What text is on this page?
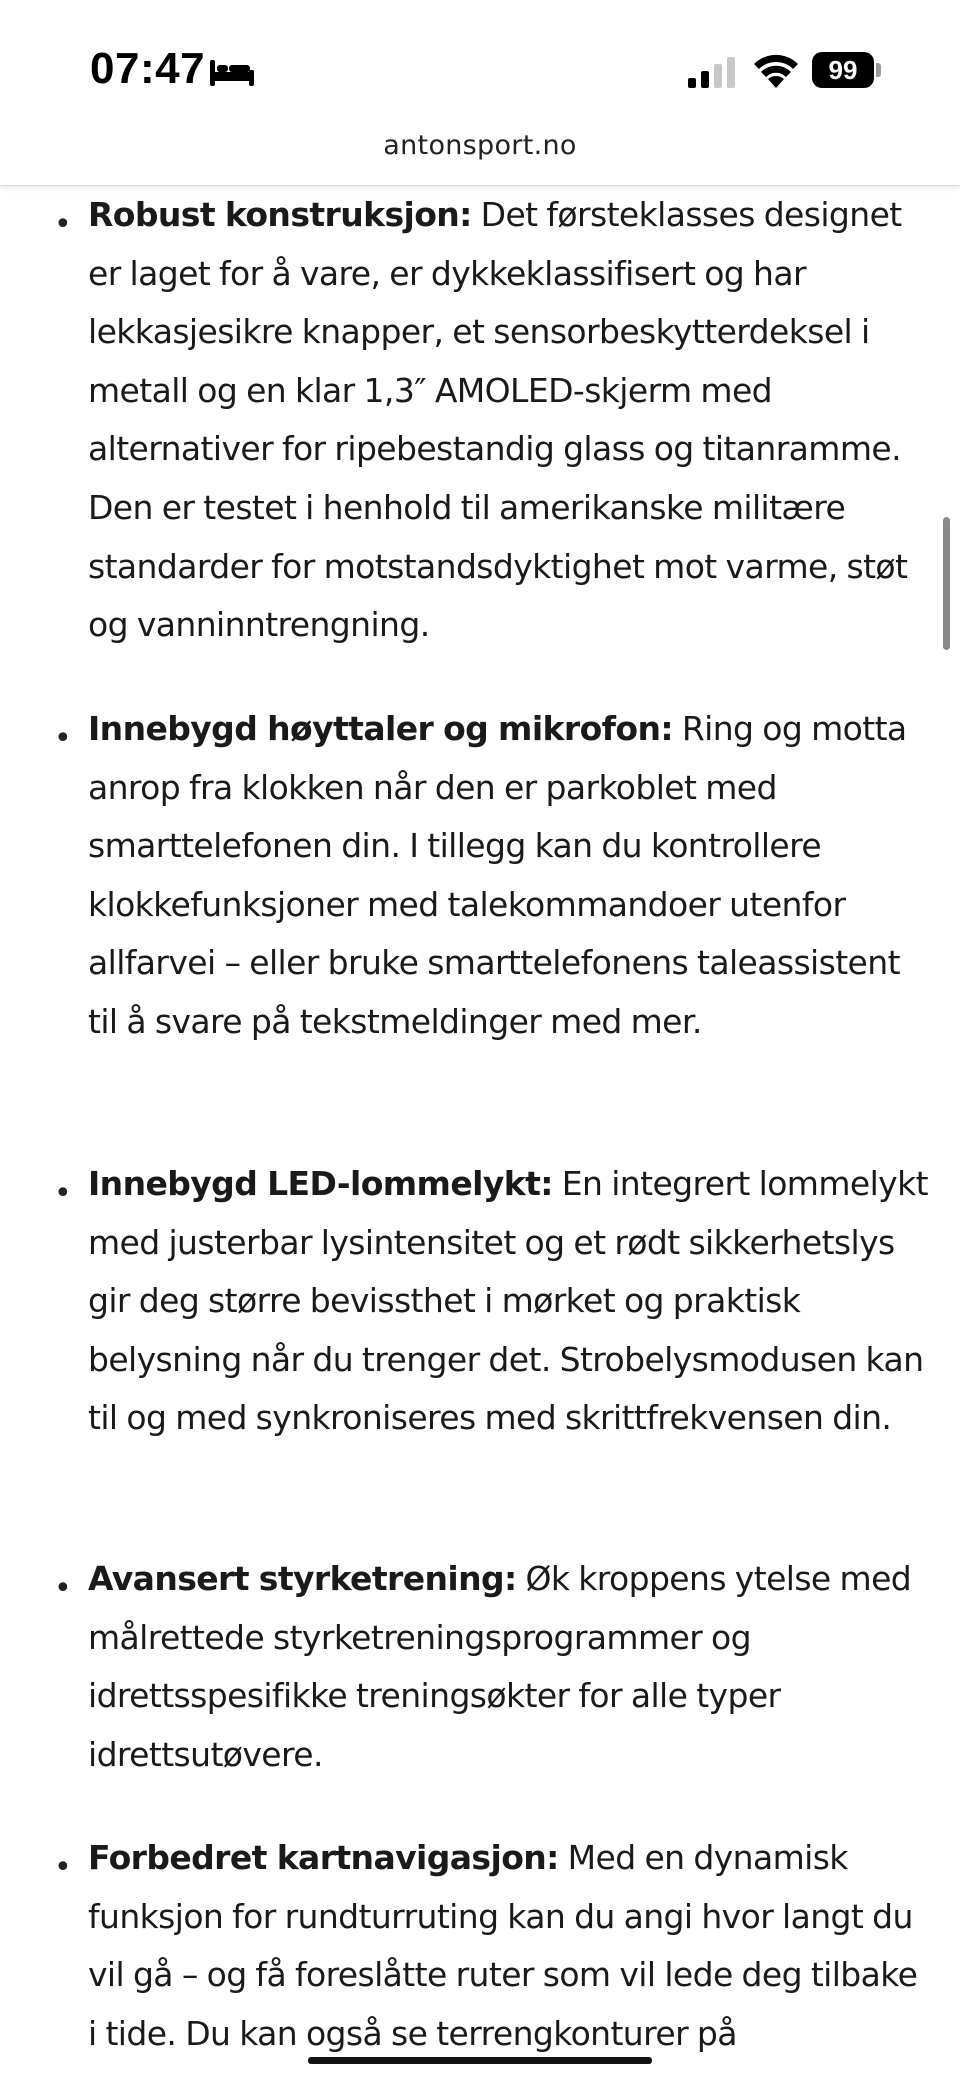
07:47	99
antonsport.no
• Robust konstruksjon: Det førsteklasses designet er laget for å vare, er dykkeklassifisert og har lekkasjesikre knapper, et sensorbeskytterdeksel i metall og en klar 1,3″ AMOLED-skjerm med alternativer for ripebestandig glass og titanramme. Den er testet i henhold til amerikanske militære standarder for motstandsdyktighet mot varme, støt og vanninntrengning.
• Innebygd høyttaler og mikrofon: Ring og motta anrop fra klokken når den er parkoblet med smarttelefonen din. I tillegg kan du kontrollere klokkefunksjoner med talekommandoer utenfor allfarvei – eller bruke smarttelefonens taleassistent til å svare på tekstmeldinger med mer.
• Innebygd LED-lommelykt: En integrert lommelykt med justerbar lysintensitet og et rødt sikkerhetslys gir deg større bevissthet i mørket og praktisk belysning når du trenger det. Strobelysmodusen kan til og med synkroniseres med skrittfrekvensen din.
• Avansert styrketrening: Øk kroppens ytelse med målrettede styrketreningsprogrammer og idrettsspesifikke treningsøkter for alle typer idrettsutøvere.
• Forbedret kartnavigasjon: Med en dynamisk funksjon for rundturruting kan du angi hvor langt du vil gå – og få foreslåtte ruter som vil lede deg tilbake i tide. Du kan også se terrengkonturer på
